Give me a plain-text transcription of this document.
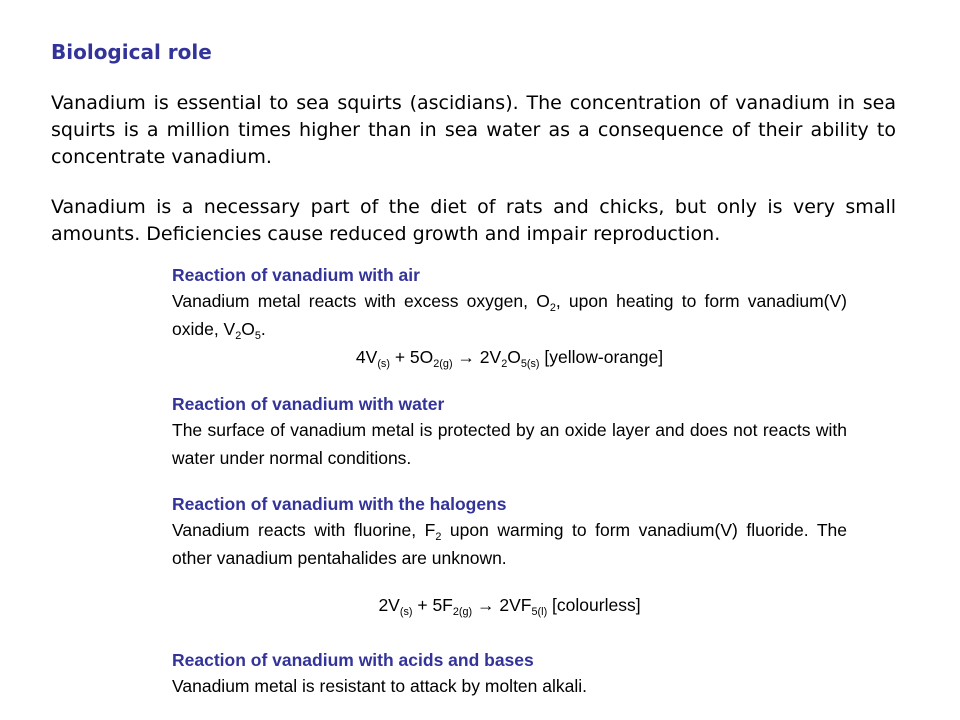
Biological role
Vanadium is essential to sea squirts (ascidians). The concentration of vanadium in sea squirts is a million times higher than in sea water as a consequence of their ability to concentrate vanadium.
Vanadium is a necessary part of the diet of rats and chicks, but only is very small amounts. Deficiencies cause reduced growth and impair reproduction.
Reaction of vanadium with air
Vanadium metal reacts with excess oxygen, $O_2$, upon heating to form vanadium(V) oxide, $V_2O_5$.
$4V_{(s)} + 5O_{2(g)} \to 2V_2O_{5(s)}$ [yellow-orange]
Reaction of vanadium with water
The surface of vanadium metal is protected by an oxide layer and does not reacts with water under normal conditions.
Reaction of vanadium with the halogens
Vanadium reacts with fluorine, $F_2$ upon warming to form vanadium(V) fluoride. The other vanadium pentahalides are unknown.
$2V_{(s)} + 5F_{2(g)} \to 2VF_{5(l)}$ [colourless]
Reaction of vanadium with acids and bases
Vanadium metal is resistant to attack by molten alkali.
